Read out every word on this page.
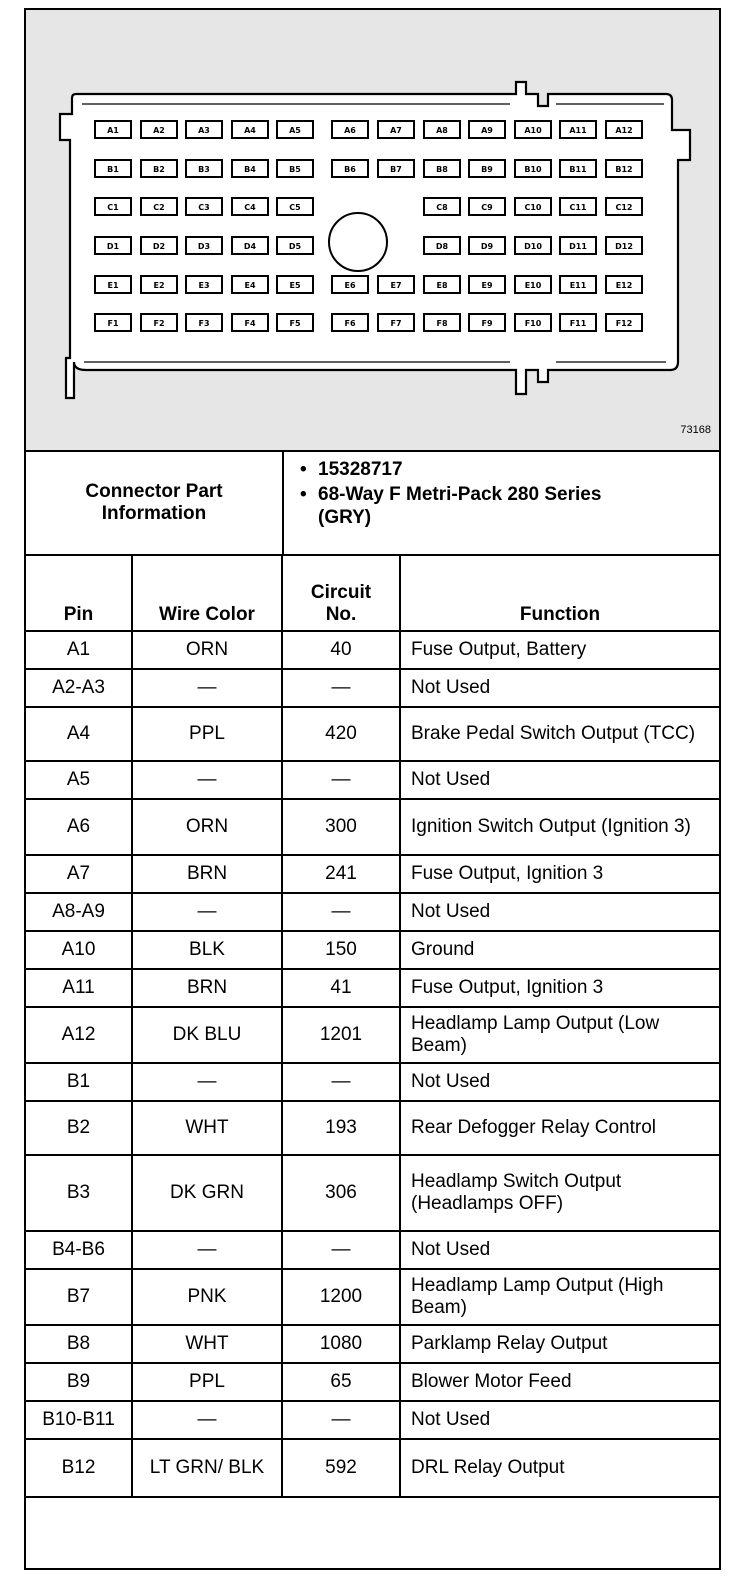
A1	A2	A3	A4	A5	A6	A7	A8	A9	A10	A11	A12
B1	B2	B3	B4	B5	B6	B7	B8	B9	B10	B11	B12
C1	C2	C3	C4	C5	C8	C9	C10	C11	C12
D1	D2	D3	D4	D5	D8	D9	D10	D11	D12
E1	E2	E3	E4	E5	E6	E7	E8	E9	E10	E11	E12
F1	F2	F3	F4	F5	F6	F7	F8	F9	F10	F11	F12
73168
Connector Part Information
• 15328717
• 68-Way F Metri-Pack 280 Series (GRY)
Pin	Wire Color	Circuit No.	Function
A1	ORN	40	Fuse Output, Battery
A2-A3	—	—	Not Used
A4	PPL	420	Brake Pedal Switch Output (TCC)
A5	—	—	Not Used
A6	ORN	300	Ignition Switch Output (Ignition 3)
A7	BRN	241	Fuse Output, Ignition 3
A8-A9	—	—	Not Used
A10	BLK	150	Ground
A11	BRN	41	Fuse Output, Ignition 3
A12	DK BLU	1201	Headlamp Lamp Output (Low Beam)
B1	—	—	Not Used
B2	WHT	193	Rear Defogger Relay Control
B3	DK GRN	306	Headlamp Switch Output (Headlamps OFF)
B4-B6	—	—	Not Used
B7	PNK	1200	Headlamp Lamp Output (High Beam)
B8	WHT	1080	Parklamp Relay Output
B9	PPL	65	Blower Motor Feed
B10-B11	—	—	Not Used
B12	LT GRN/ BLK	592	DRL Relay Output
